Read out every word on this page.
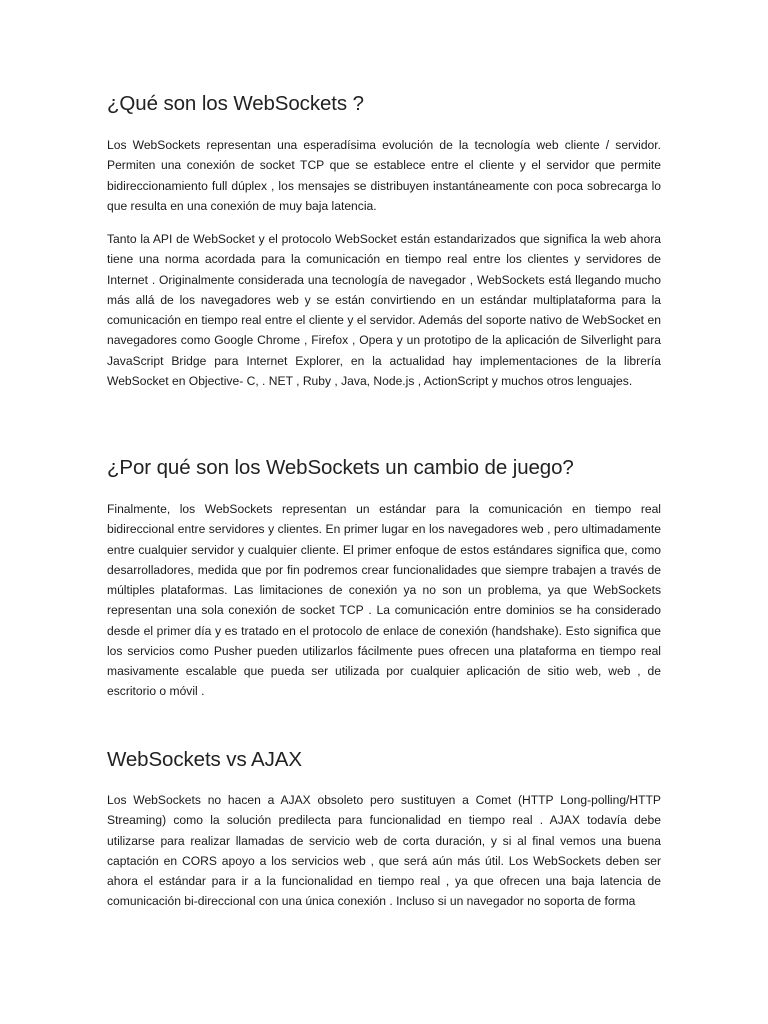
¿Qué son los WebSockets ?

Los WebSockets representan una esperadísima evolución de la tecnología web cliente / servidor. Permiten una conexión de socket TCP que se establece entre el cliente y el servidor que permite bidireccionamiento full dúplex , los mensajes se distribuyen instantáneamente con poca sobrecarga lo que resulta en una conexión de muy baja latencia.

Tanto la API de WebSocket y el protocolo WebSocket están estandarizados que significa la web ahora tiene una norma acordada para la comunicación en tiempo real entre los clientes y servidores de Internet . Originalmente considerada una tecnología de navegador , WebSockets está llegando mucho más allá de los navegadores web y se están convirtiendo en un estándar multiplataforma para la comunicación en tiempo real entre el cliente y el servidor. Además del soporte nativo de WebSocket en navegadores como Google Chrome , Firefox , Opera y un prototipo de la aplicación de Silverlight para JavaScript Bridge para Internet Explorer, en la actualidad hay implementaciones de la librería WebSocket en Objective- C, . NET , Ruby , Java, Node.js , ActionScript y muchos otros lenguajes.

¿Por qué son los WebSockets un cambio de juego?

Finalmente, los WebSockets representan un estándar para la comunicación en tiempo real bidireccional entre servidores y clientes. En primer lugar en los navegadores web , pero ultimadamente entre cualquier servidor y cualquier cliente. El primer enfoque de estos estándares significa que, como desarrolladores, medida que por fin podremos crear funcionalidades que siempre trabajen a través de múltiples plataformas. Las limitaciones de conexión ya no son un problema, ya que WebSockets representan una sola conexión de socket TCP . La comunicación entre dominios se ha considerado desde el primer día y es tratado en el protocolo de enlace de conexión (handshake). Esto significa que los servicios como Pusher pueden utilizarlos fácilmente pues ofrecen una plataforma en tiempo real masivamente escalable que pueda ser utilizada por cualquier aplicación de sitio web, web , de escritorio o móvil .

WebSockets vs AJAX

Los WebSockets no hacen a AJAX obsoleto pero sustituyen a Comet (HTTP Long-polling/HTTP Streaming) como la solución predilecta para funcionalidad en tiempo real . AJAX todavía debe utilizarse para realizar llamadas de servicio web de corta duración, y si al final vemos una buena captación en CORS apoyo a los servicios web , que será aún más útil. Los WebSockets deben ser ahora el estándar para ir a la funcionalidad en tiempo real , ya que ofrecen una baja latencia de comunicación bi-direccional con una única conexión . Incluso si un navegador no soporta de forma
